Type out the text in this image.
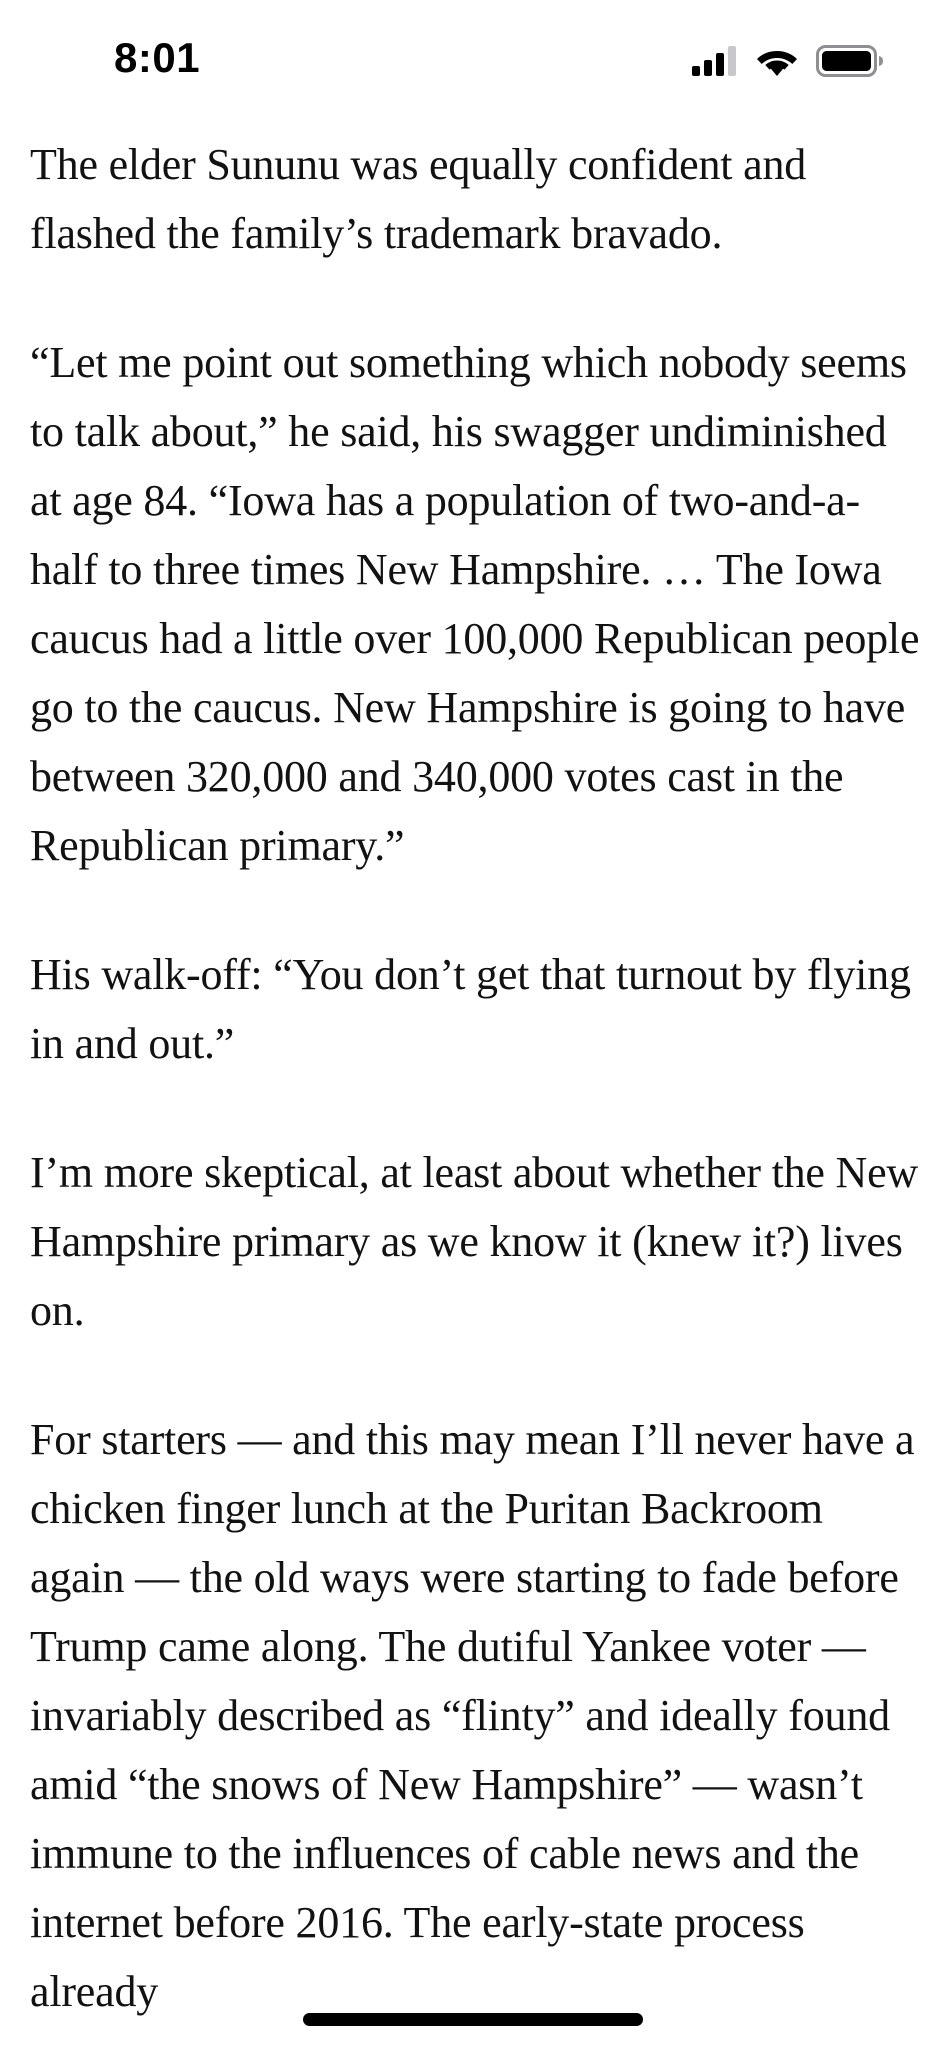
8:01

The elder Sununu was equally confident and flashed the family’s trademark bravado.

“Let me point out something which nobody seems to talk about,” he said, his swagger undiminished at age 84. “Iowa has a population of two-and-a-half to three times New Hampshire. … The Iowa caucus had a little over 100,000 Republican people go to the caucus. New Hampshire is going to have between 320,000 and 340,000 votes cast in the Republican primary.”

His walk-off: “You don’t get that turnout by flying in and out.”

I’m more skeptical, at least about whether the New Hampshire primary as we know it (knew it?) lives on.

For starters — and this may mean I’ll never have a chicken finger lunch at the Puritan Backroom again — the old ways were starting to fade before Trump came along. The dutiful Yankee voter — invariably described as “flinty” and ideally found amid “the snows of New Hampshire” — wasn’t immune to the influences of cable news and the internet before 2016. The early-state process already
